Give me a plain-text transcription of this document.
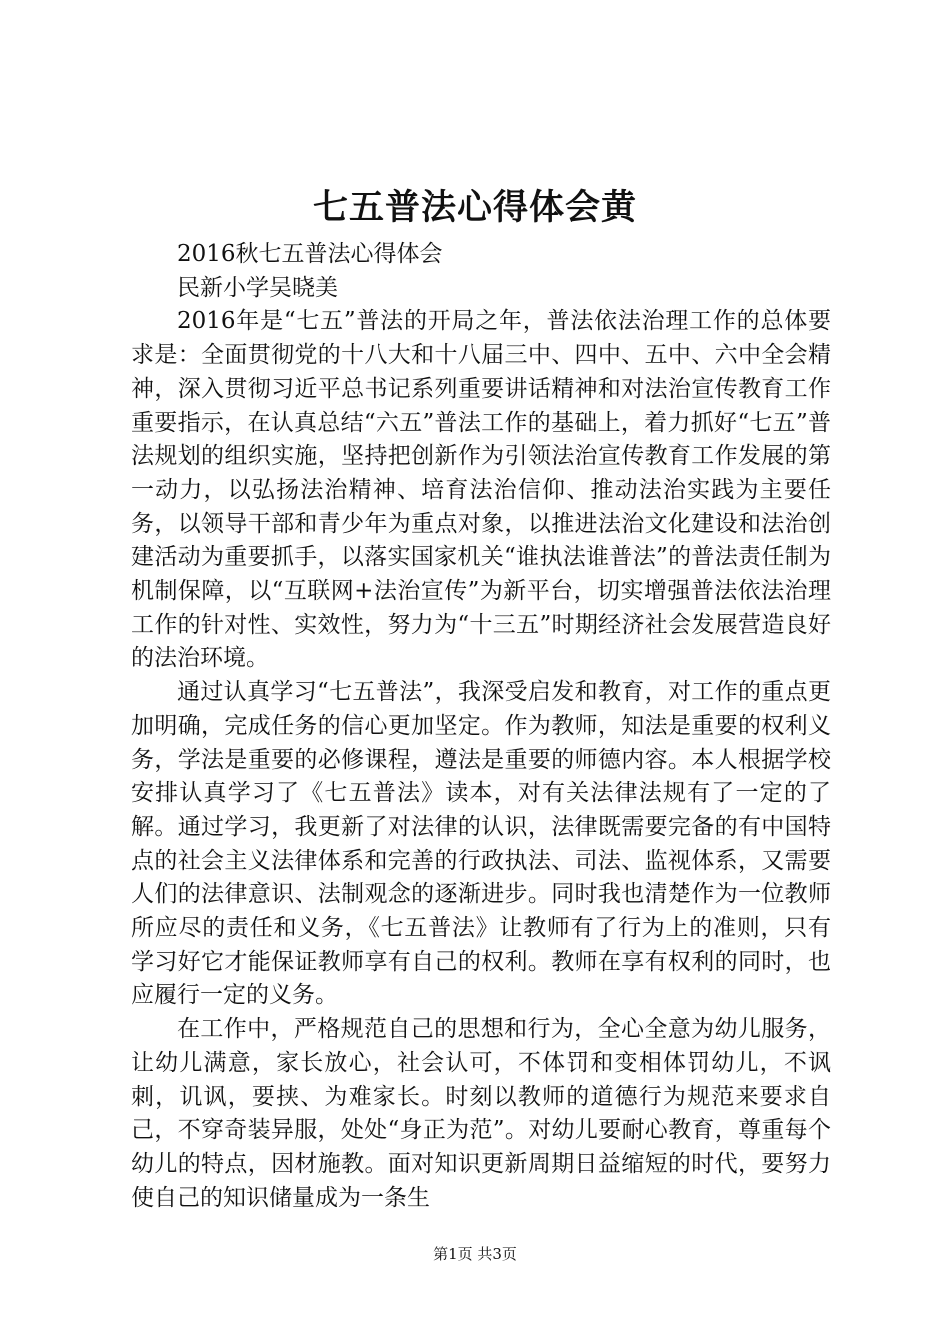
七五普法心得体会黄

2016秋七五普法心得体会

民新小学吴晓美

2016年是“七五”普法的开局之年，普法依法治理工作的总体要求是：全面贯彻党的十八大和十八届三中、四中、五中、六中全会精神，深入贯彻习近平总书记系列重要讲话精神和对法治宣传教育工作重要指示，在认真总结“六五”普法工作的基础上，着力抓好“七五”普法规划的组织实施，坚持把创新作为引领法治宣传教育工作发展的第一动力，以弘扬法治精神、培育法治信仰、推动法治实践为主要任务，以领导干部和青少年为重点对象，以推进法治文化建设和法治创建活动为重要抓手，以落实国家机关“谁执法谁普法”的普法责任制为机制保障，以“互联网+法治宣传”为新平台，切实增强普法依法治理工作的针对性、实效性，努力为“十三五”时期经济社会发展营造良好的法治环境。

通过认真学习“七五普法”，我深受启发和教育，对工作的重点更加明确，完成任务的信心更加坚定。作为教师，知法是重要的权利义务，学法是重要的必修课程，遵法是重要的师德内容。本人根据学校安排认真学习了《七五普法》读本，对有关法律法规有了一定的了解。通过学习，我更新了对法律的认识，法律既需要完备的有中国特点的社会主义法律体系和完善的行政执法、司法、监视体系，又需要人们的法律意识、法制观念的逐渐进步。同时我也清楚作为一位教师所应尽的责任和义务，《七五普法》让教师有了行为上的准则，只有学习好它才能保证教师享有自己的权利。教师在享有权利的同时，也应履行一定的义务。

在工作中，严格规范自己的思想和行为，全心全意为幼儿服务，让幼儿满意，家长放心，社会认可，不体罚和变相体罚幼儿，不讽刺，讥讽，要挟、为难家长。时刻以教师的道德行为规范来要求自己，不穿奇装异服，处处“身正为范”。对幼儿要耐心教育，尊重每个幼儿的特点，因材施教。面对知识更新周期日益缩短的时代，要努力使自己的知识储量成为一条生

第1页 共3页
